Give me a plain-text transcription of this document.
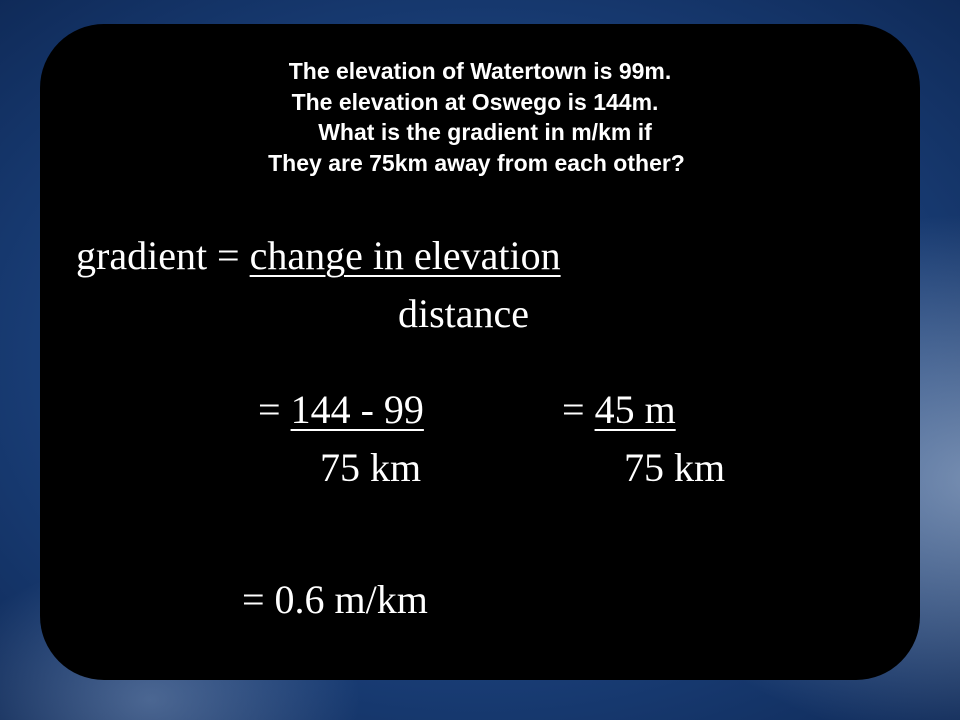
The elevation of Watertown is 99m.
The elevation at Oswego is 144m.
What is the gradient in m/km if
They are 75km away from each other?
gradient = change in elevation
distance
= 144 - 99
75 km
= 45 m
75 km
= 0.6 m/km
